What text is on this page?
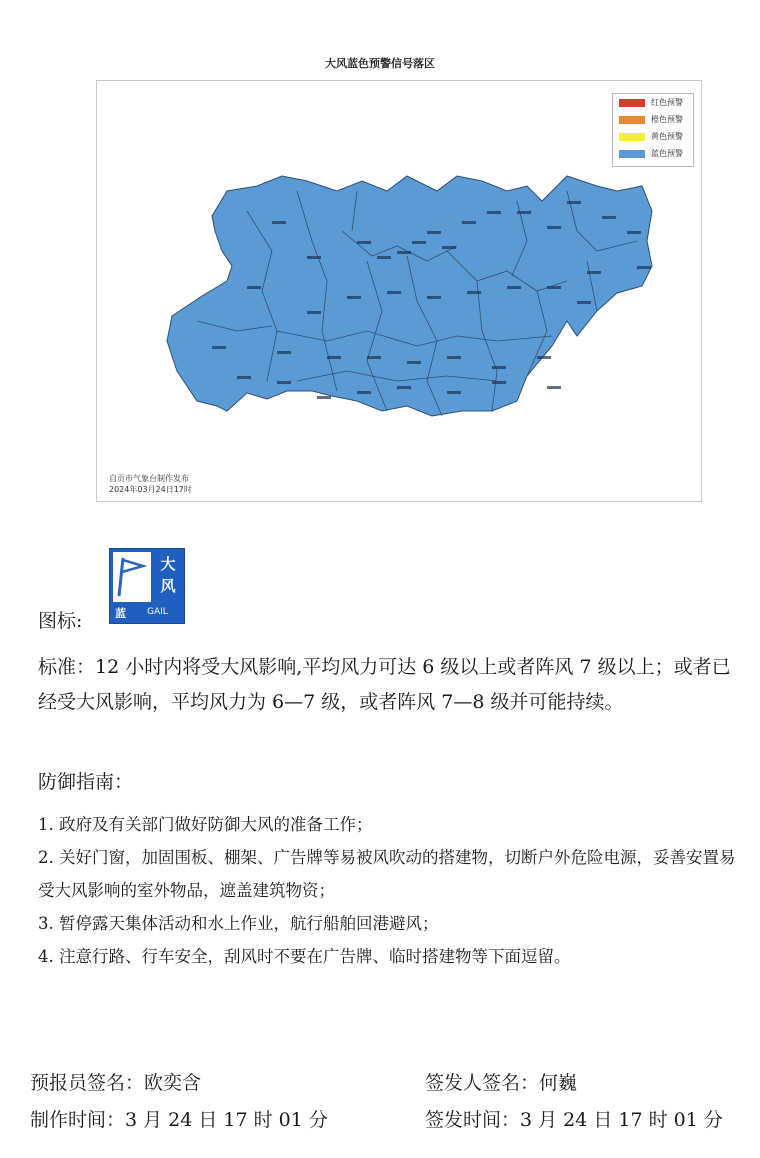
大风蓝色预警信号落区
红色预警
橙色预警
黄色预警
蓝色预警
自贡市气象台制作发布
2024年03月24日17时
图标:
大
风
蓝 GAIL
标准：12 小时内将受大风影响,平均风力可达 6 级以上或者阵风 7 级以上；或者已经受大风影响，平均风力为 6—7 级，或者阵风 7—8 级并可能持续。
防御指南：
1. 政府及有关部门做好防御大风的准备工作；
2. 关好门窗，加固围板、棚架、广告牌等易被风吹动的搭建物，切断户外危险电源，妥善安置易受大风影响的室外物品，遮盖建筑物资；
3. 暂停露天集体活动和水上作业，航行船舶回港避风；
4. 注意行路、行车安全，刮风时不要在广告牌、临时搭建物等下面逗留。
预报员签名：欧奕含	签发人签名：何巍
制作时间：3 月 24 日 17 时 01 分	签发时间：3 月 24 日 17 时 01 分
